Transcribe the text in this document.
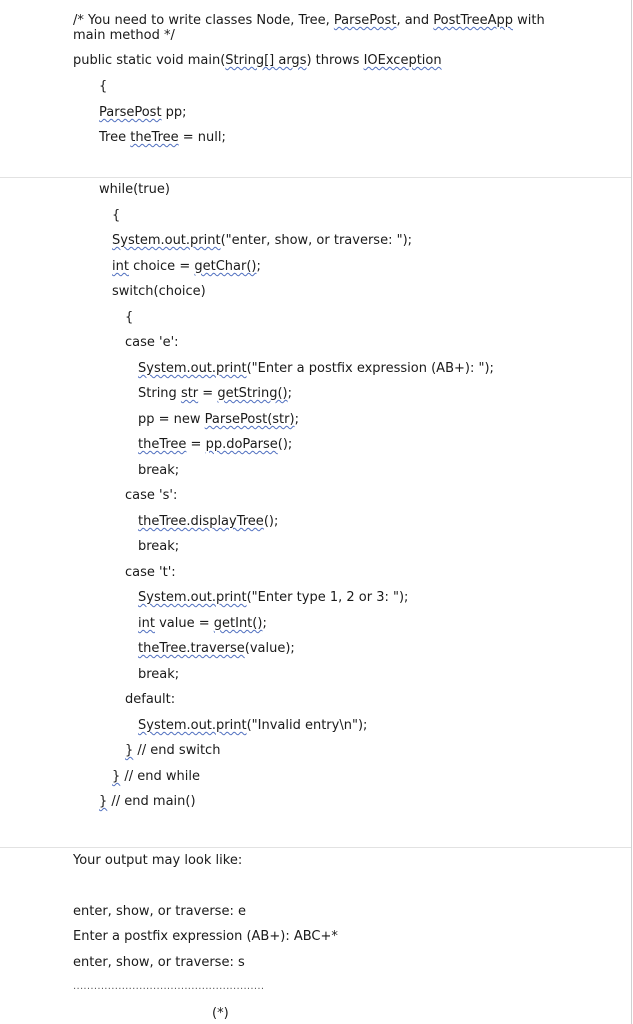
/* You need to write classes Node, Tree, ParsePost, and PostTreeApp with
main method */
public static void main(String[] args) throws IOException
{
ParsePost pp;
Tree theTree = null;
while(true)
{
System.out.print("enter, show, or traverse: ");
int choice = getChar();
switch(choice)
{
case 'e':
System.out.print("Enter a postfix expression (AB+): ");
String str = getString();
pp = new ParsePost(str);
theTree = pp.doParse();
break;
case 's':
theTree.displayTree();
break;
case 't':
System.out.print("Enter type 1, 2 or 3: ");
int value = getInt();
theTree.traverse(value);
break;
default:
System.out.print("Invalid entry\n");
} // end switch
} // end while
} // end main()
Your output may look like:
enter, show, or traverse: e
Enter a postfix expression (AB+): ABC+*
enter, show, or traverse: s
.......................................................
(*)
